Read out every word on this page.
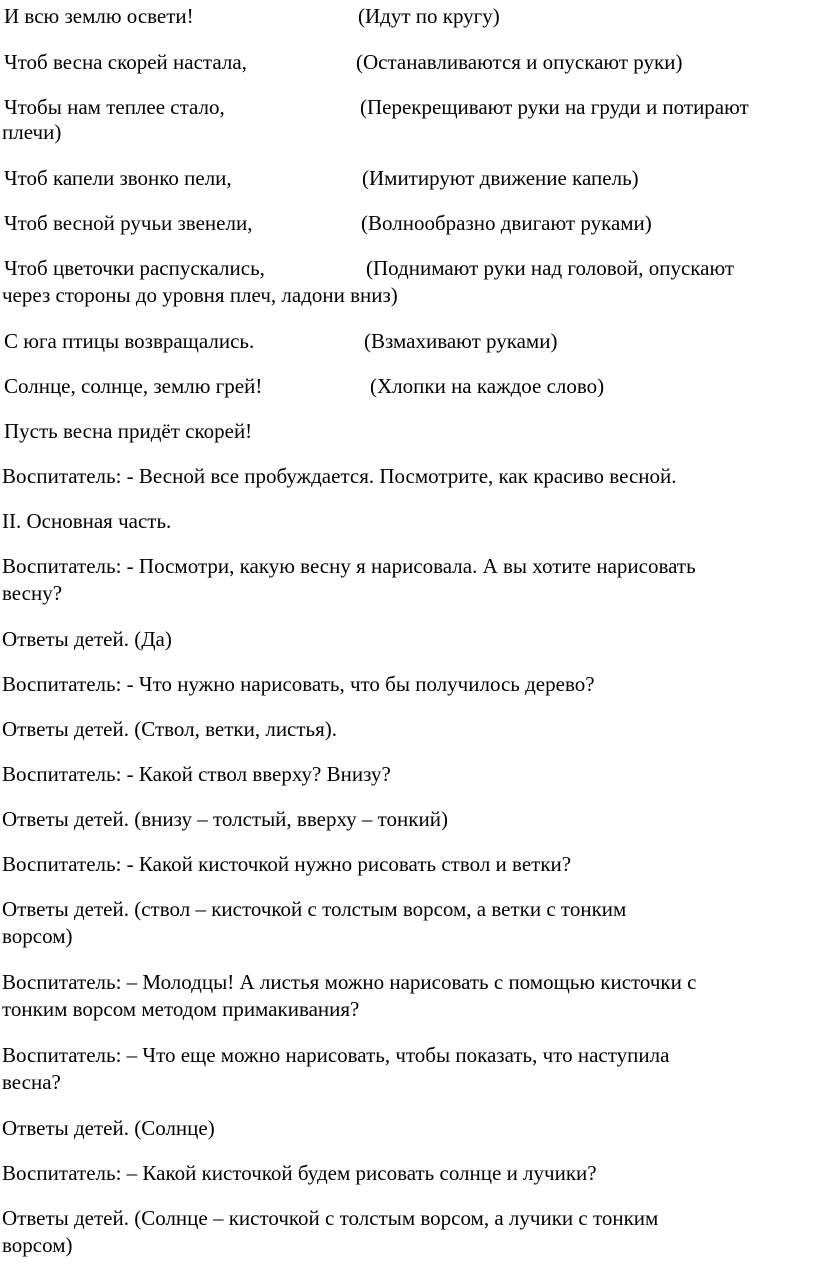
И всю землю освети!	(Идут по кругу)
Чтоб весна скорей настала,	(Останавливаются и опускают руки)
Чтобы нам теплее стало,	(Перекрещивают руки на груди и потирают
плечи)
Чтоб капели звонко пели,	(Имитируют движение капель)
Чтоб весной ручьи звенели,	(Волнообразно двигают руками)
Чтоб цветочки распускались,	(Поднимают руки над головой, опускают
через стороны до уровня плеч, ладони вниз)
С юга птицы возвращались.	(Взмахивают руками)
Солнце, солнце, землю грей!	(Хлопки на каждое слово)
Пусть весна придёт скорей!
Воспитатель: - Весной все пробуждается. Посмотрите, как красиво весной.
II. Основная часть.
Воспитатель: - Посмотри, какую весну я нарисовала. А вы хотите нарисовать
весну?
Ответы детей. (Да)
Воспитатель: - Что нужно нарисовать, что бы получилось дерево?
Ответы детей. (Ствол, ветки, листья).
Воспитатель: - Какой ствол вверху? Внизу?
Ответы детей. (внизу – толстый, вверху – тонкий)
Воспитатель: - Какой кисточкой нужно рисовать ствол и ветки?
Ответы детей. (ствол – кисточкой с толстым ворсом, а ветки с тонким
ворсом)
Воспитатель: – Молодцы! А листья можно нарисовать с помощью кисточки с
тонким ворсом методом примакивания?
Воспитатель: – Что еще можно нарисовать, чтобы показать, что наступила
весна?
Ответы детей. (Солнце)
Воспитатель: – Какой кисточкой будем рисовать солнце и лучики?
Ответы детей. (Солнце – кисточкой с толстым ворсом, а лучики с тонким
ворсом)
